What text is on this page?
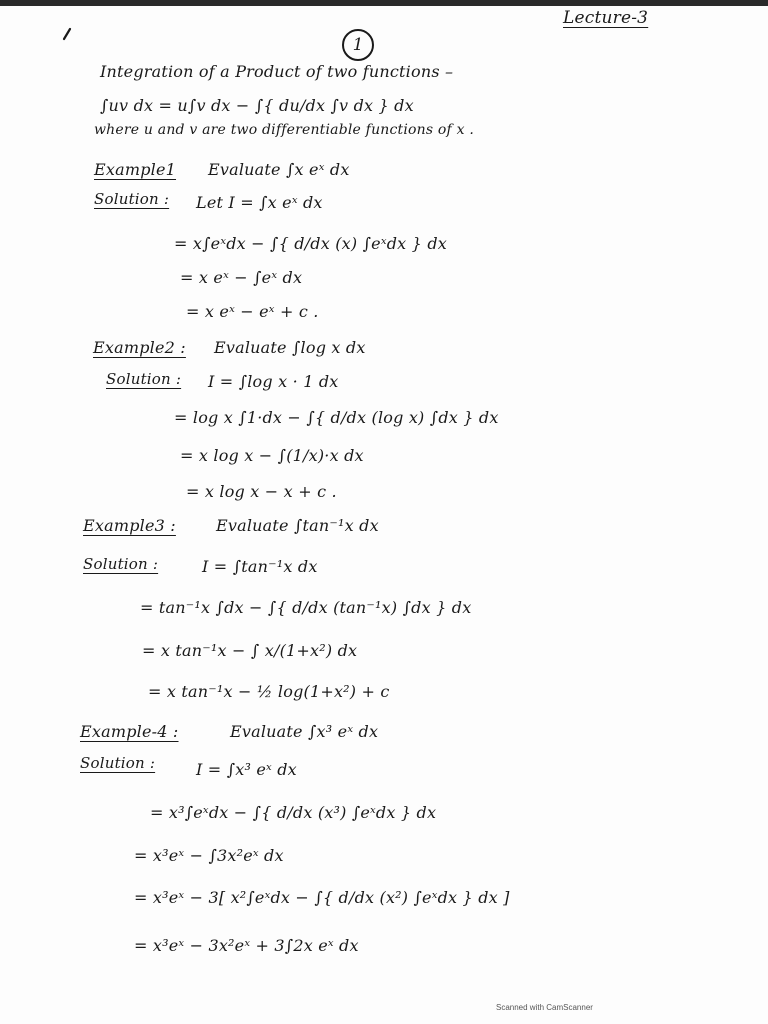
Lecture-3
1
Integration of a Product of two functions –
∫uv dx = u∫v dx − ∫{ du/dx ∫v dx } dx
where u and v are two differentiable functions of x .
Example1 Evaluate ∫x eˣ dx
Solution : Let I = ∫x eˣ dx
= x∫eˣdx − ∫{ d/dx (x) ∫eˣdx } dx
= x eˣ − ∫eˣ dx
= x eˣ − eˣ + c .
Example2 : Evaluate ∫log x dx
Solution : I = ∫log x · 1 dx
= log x ∫1·dx − ∫{ d/dx (log x) ∫dx } dx
= x log x − ∫(1/x)·x dx
= x log x − x + c .
Example3 :	Evaluate ∫tan⁻¹x dx
Solution :	I = ∫tan⁻¹x dx
= tan⁻¹x ∫dx − ∫{ d/dx (tan⁻¹x) ∫dx } dx
= x tan⁻¹x − ∫ x/(1+x²) dx
= x tan⁻¹x − ½ log(1+x²) + c
Example-4 :	Evaluate ∫x³ eˣ dx
Solution :	I = ∫x³ eˣ dx
= x³∫eˣdx − ∫{ d/dx (x³) ∫eˣdx } dx
= x³eˣ − ∫3x²eˣ dx
= x³eˣ − 3[ x²∫eˣdx − ∫{ d/dx (x²) ∫eˣdx } dx ]
= x³eˣ − 3x²eˣ + 3∫2x eˣ dx
Scanned with CamScanner
